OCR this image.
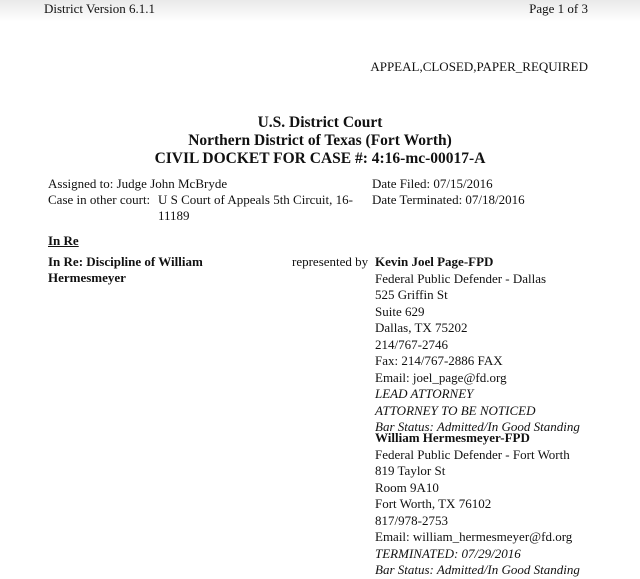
District Version 6.1.1	Page 1 of 3
APPEAL,CLOSED,PAPER_REQUIRED
U.S. District Court
Northern District of Texas (Fort Worth)
CIVIL DOCKET FOR CASE #: 4:16-mc-00017-A
Assigned to: Judge John McBryde
Case in other court: U S Court of Appeals 5th Circuit, 16-
11189
Date Filed: 07/15/2016
Date Terminated: 07/18/2016
In Re
In Re: Discipline of William
Hermesmeyer
represented by Kevin Joel Page-FPD
Federal Public Defender - Dallas
525 Griffin St
Suite 629
Dallas, TX 75202
214/767-2746
Fax: 214/767-2886 FAX
Email: joel_page@fd.org
LEAD ATTORNEY
ATTORNEY TO BE NOTICED
Bar Status: Admitted/In Good Standing
William Hermesmeyer-FPD
Federal Public Defender - Fort Worth
819 Taylor St
Room 9A10
Fort Worth, TX 76102
817/978-2753
Email: william_hermesmeyer@fd.org
TERMINATED: 07/29/2016
Bar Status: Admitted/In Good Standing
